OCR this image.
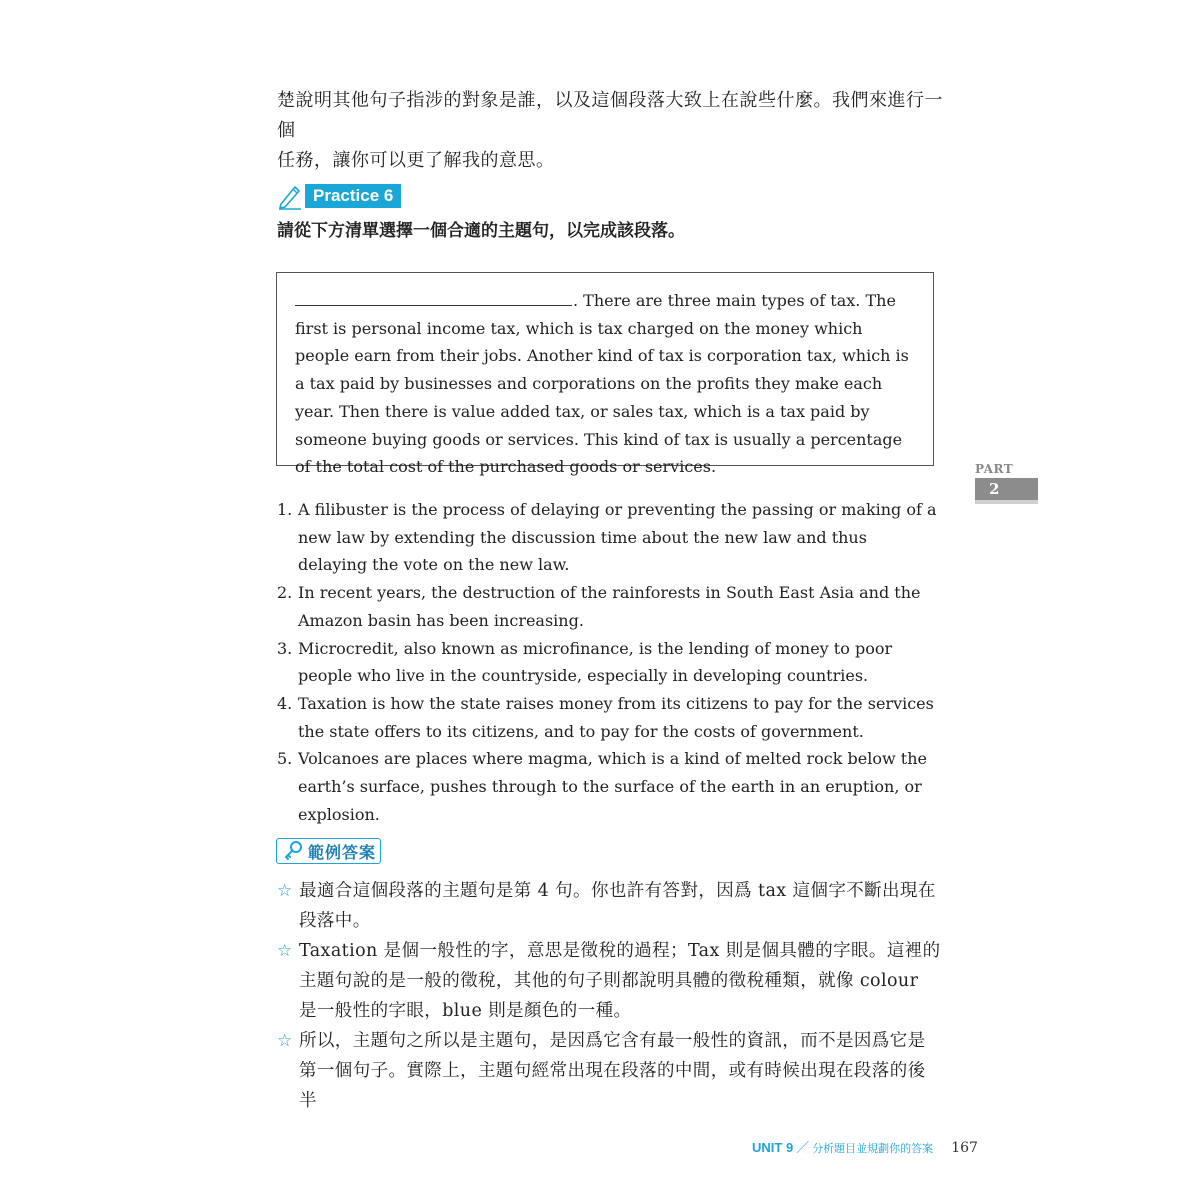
楚說明其他句子指涉的對象是誰，以及這個段落大致上在說些什麼。我們來進行一個

任務，讓你可以更了解我的意思。

Practice 6
請從下方清單選擇一個合適的主題句，以完成該段落。

. There are three main types of tax. The first is personal income tax, which is tax charged on the money which people earn from their jobs. Another kind of tax is corporation tax, which is a tax paid by businesses and corporations on the profits they make each year. Then there is value added tax, or sales tax, which is a tax paid by someone buying goods or services. This kind of tax is usually a percentage of the total cost of the purchased goods or services.	PART
2
1. A filibuster is the process of delaying or preventing the passing or making of a new law by extending the discussion time about the new law and thus delaying the vote on the new law.
2. In recent years, the destruction of the rainforests in South East Asia and the Amazon basin has been increasing.
3. Microcredit, also known as microfinance, is the lending of money to poor people who live in the countryside, especially in developing countries.
4. Taxation is how the state raises money from its citizens to pay for the services the state offers to its citizens, and to pay for the costs of government.
5. Volcanoes are places where magma, which is a kind of melted rock below the earth’s surface, pushes through to the surface of the earth in an eruption, or explosion.
範例答案
☆ 最適合這個段落的主題句是第 4 句。你也許有答對，因爲 tax 這個字不斷出現在段落中。
☆ Taxation 是個一般性的字，意思是徵稅的過程；Tax 則是個具體的字眼。這裡的主題句說的是一般的徵稅，其他的句子則都說明具體的徵稅種類，就像 colour 是一般性的字眼，blue 則是顏色的一種。
☆ 所以，主題句之所以是主題句，是因爲它含有最一般性的資訊，而不是因爲它是第一個句子。實際上，主題句經常出現在段落的中間，或有時候出現在段落的後半
UNIT 9 ／ 分析題目並規劃你的答案 167
